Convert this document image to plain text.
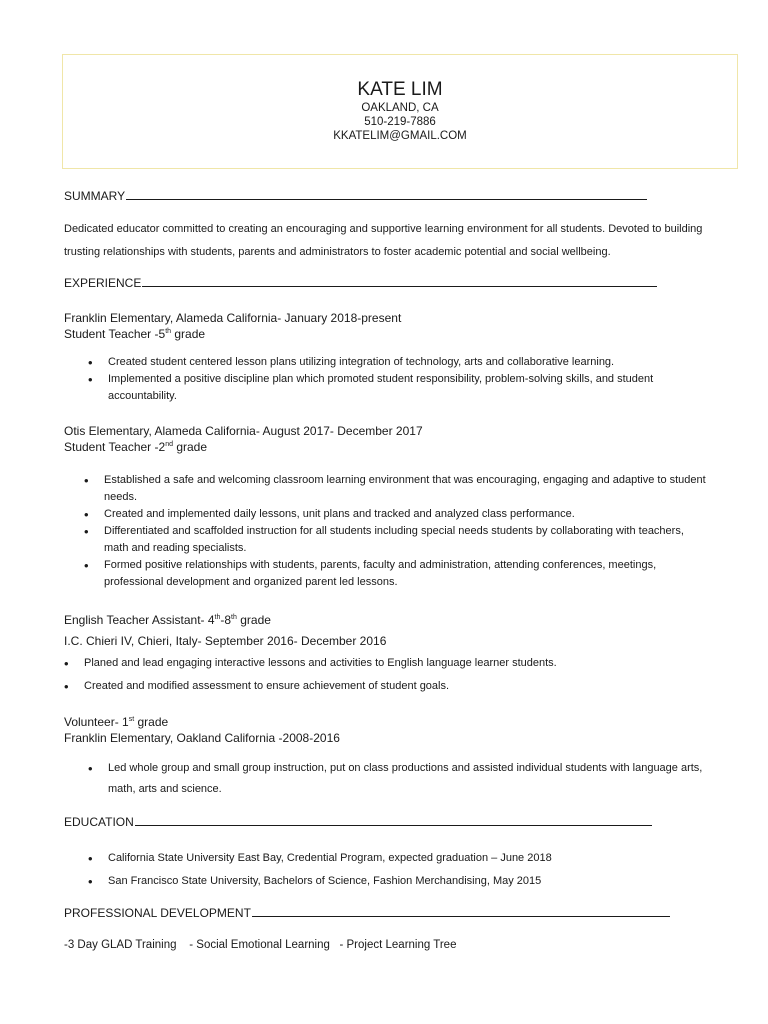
KATE LIM
OAKLAND, CA
510-219-7886
KKATELIM@GMAIL.COM
SUMMARY
Dedicated educator committed to creating an encouraging and supportive learning environment for all students. Devoted to building trusting relationships with students, parents and administrators to foster academic potential and social wellbeing.
EXPERIENCE
Franklin Elementary, Alameda California- January 2018-present
Student Teacher -5th grade
• Created student centered lesson plans utilizing integration of technology, arts and collaborative learning.
• Implemented a positive discipline plan which promoted student responsibility, problem-solving skills, and student accountability.
Otis Elementary, Alameda California- August 2017- December 2017
Student Teacher -2nd grade
• Established a safe and welcoming classroom learning environment that was encouraging, engaging and adaptive to student needs.
• Created and implemented daily lessons, unit plans and tracked and analyzed class performance.
• Differentiated and scaffolded instruction for all students including special needs students by collaborating with teachers, math and reading specialists.
• Formed positive relationships with students, parents, faculty and administration, attending conferences, meetings, professional development and organized parent led lessons.
English Teacher Assistant- 4th-8th grade
I.C. Chieri IV, Chieri, Italy- September 2016- December 2016
• Planed and lead engaging interactive lessons and activities to English language learner students.
• Created and modified assessment to ensure achievement of student goals.
Volunteer- 1st grade
Franklin Elementary, Oakland California -2008-2016
• Led whole group and small group instruction, put on class productions and assisted individual students with language arts, math, arts and science.
EDUCATION
• California State University East Bay, Credential Program, expected graduation – June 2018
• San Francisco State University, Bachelors of Science, Fashion Merchandising, May 2015
PROFESSIONAL DEVELOPMENT
-3 Day GLAD Training    - Social Emotional Learning   - Project Learning Tree
